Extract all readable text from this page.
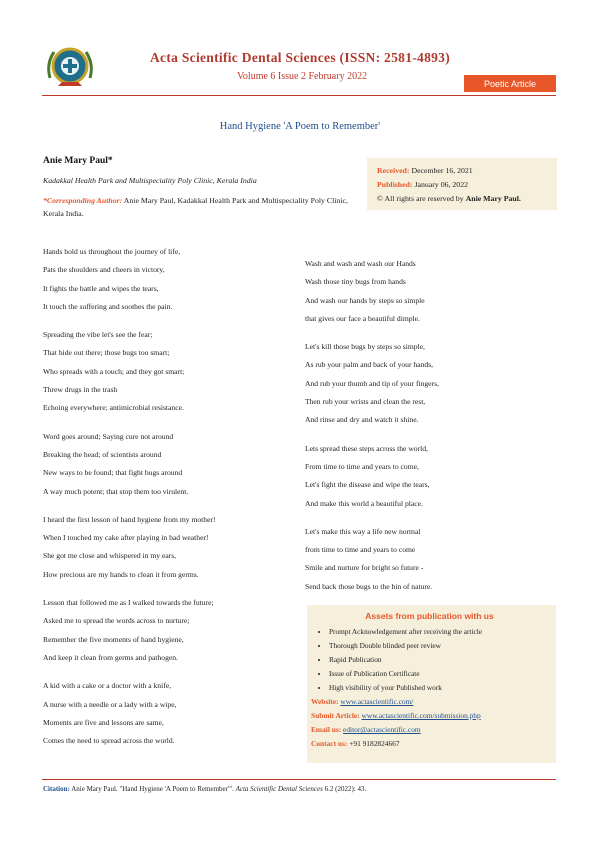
Acta Scientific Dental Sciences (ISSN: 2581-4893)
Volume 6 Issue 2 February 2022
Poetic Article
Hand Hygiene 'A Poem to Remember'
Anie Mary Paul*
Kadakkal Health Park and Multispeciality Poly Clinic, Kerala India
*Corresponding Author: Anie Mary Paul, Kadakkal Health Park and Multispeciality Poly Clinic, Kerala India.
Received: December 16, 2021
Published: January 06, 2022
© All rights are reserved by Anie Mary Paul.
Hands hold us throughout the journey of life,
Pats the shoulders and cheers in victory,
It fights the battle and wipes the tears,
It touch the suffering and soothes the pain.
Spreading the vibe let's see the fear;
That hide out there; those bugs too smart;
Who spreads with a touch; and they got smart;
Threw drugs in the trash
Echoing everywhere; antimicrobial resistance.
Word goes around; Saying cure not around
Breaking the head; of scientists around
New ways to be found; that fight bugs around
A way much potent; that stop them too virulent.
I heard the first lesson of hand hygiene from my mother!
When I touched my cake after playing in bad weather!
She got me close and whispered in my ears,
How precious are my hands to clean it from germs.
Lesson that followed me as I walked towards the future;
Asked me to spread the words across to nurture;
Remember the five moments of hand hygiene,
And keep it clean from germs and pathogen.
A kid with a cake or a doctor with a knife,
A nurse with a needle or a lady with a wipe,
Moments are five and lessons are same,
Comes the need to spread across the world.
Wash and wash and wash our Hands
Wash those tiny bugs from hands
And wash our hands by steps so simple
that gives our face a beautiful dimple.
Let's kill those bugs by steps so simple,
As rub your palm and back of your hands,
And rub your thumb and tip of your fingers,
Then rub your wrists and clean the rest,
And rinse and dry and watch it shine.
Lets spread these steps across the world,
From time to time and years to come,
Let's fight the disease and wipe the tears,
And make this world a beautiful place.
Let's make this way a life new normal
from time to time and years to come
Smile and nurture for bright so future -
Send back those bugs to the bin of nature.
Assets from publication with us
• Prompt Acknowledgement after receiving the article
• Thorough Double blinded peer review
• Rapid Publication
• Issue of Publication Certificate
• High visibility of your Published work
Website: www.actascientific.com/
Submit Article: www.actascientific.com/submission.php
Email us: editor@actascientific.com
Contact us: +91 9182824667
Citation: Anie Mary Paul. "Hand Hygiene 'A Poem to Remember'". Acta Scientific Dental Sciences 6.2 (2022): 43.
